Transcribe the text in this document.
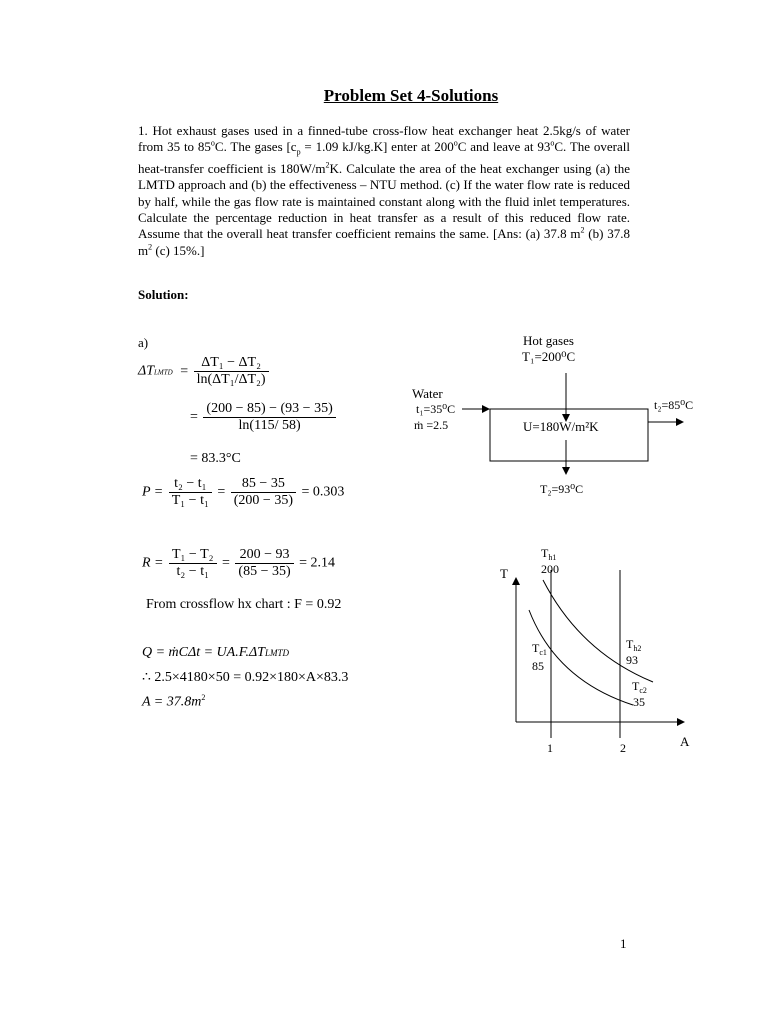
Problem Set 4-Solutions
1. Hot exhaust gases used in a finned-tube cross-flow heat exchanger heat 2.5kg/s of water from 35 to 85$^o$C. The gases [$c_p = 1.09$ kJ/kg.K] enter at 200$^o$C and leave at 93$^o$C. The overall heat-transfer coefficient is $180W/m^2K$. Calculate the area of the heat exchanger using (a) the LMTD approach and (b) the effectiveness – NTU method. (c) If the water flow rate is reduced by half, while the gas flow rate is maintained constant along with the fluid inlet temperatures. Calculate the percentage reduction in heat transfer as a result of this reduced flow rate. Assume that the overall heat transfer coefficient remains the same. [Ans: (a) 37.8 $m^2$ (b) 37.8 $m^2$ (c) 15%.]
Solution:
a)
ΔTLMTD = $\frac{\text{ΔT₁ − ΔT₂}}{\text{ln(ΔT₁/ΔT₂)}}$
= $\frac{(200 - 85) - (93 - 35)}{\ln(115/ 58)}$
= 83.3°C
$P = \frac{\text{t₂ − t₁}}{\text{T₁ − t₁}} = \frac{85 - 35}{(200 - 35)} = 0.303$
$R = \frac{\text{T₁ − T₂}}{\text{t₂ − t₁}} = \frac{200 - 93}{(85 - 35)} = 2.14$
From crossflow hx chart : F = 0.92
Q = ṁCΔt = UA.F.ΔTLMTD
∴ 2.5×4180×50 = 0.92×180×A×83.3
$A = 37.8m^2$
Hot gases
T₁=200⁰C
Water
t₁=35⁰C
ṁ =2.5	U=180W/m²K
t₂=85⁰C
T₂=93⁰C
T
A
$T_{h1}$
200
$T_{c1}$
85
$T_{h2}$
93
$T_{c2}$
35
1	2
1
